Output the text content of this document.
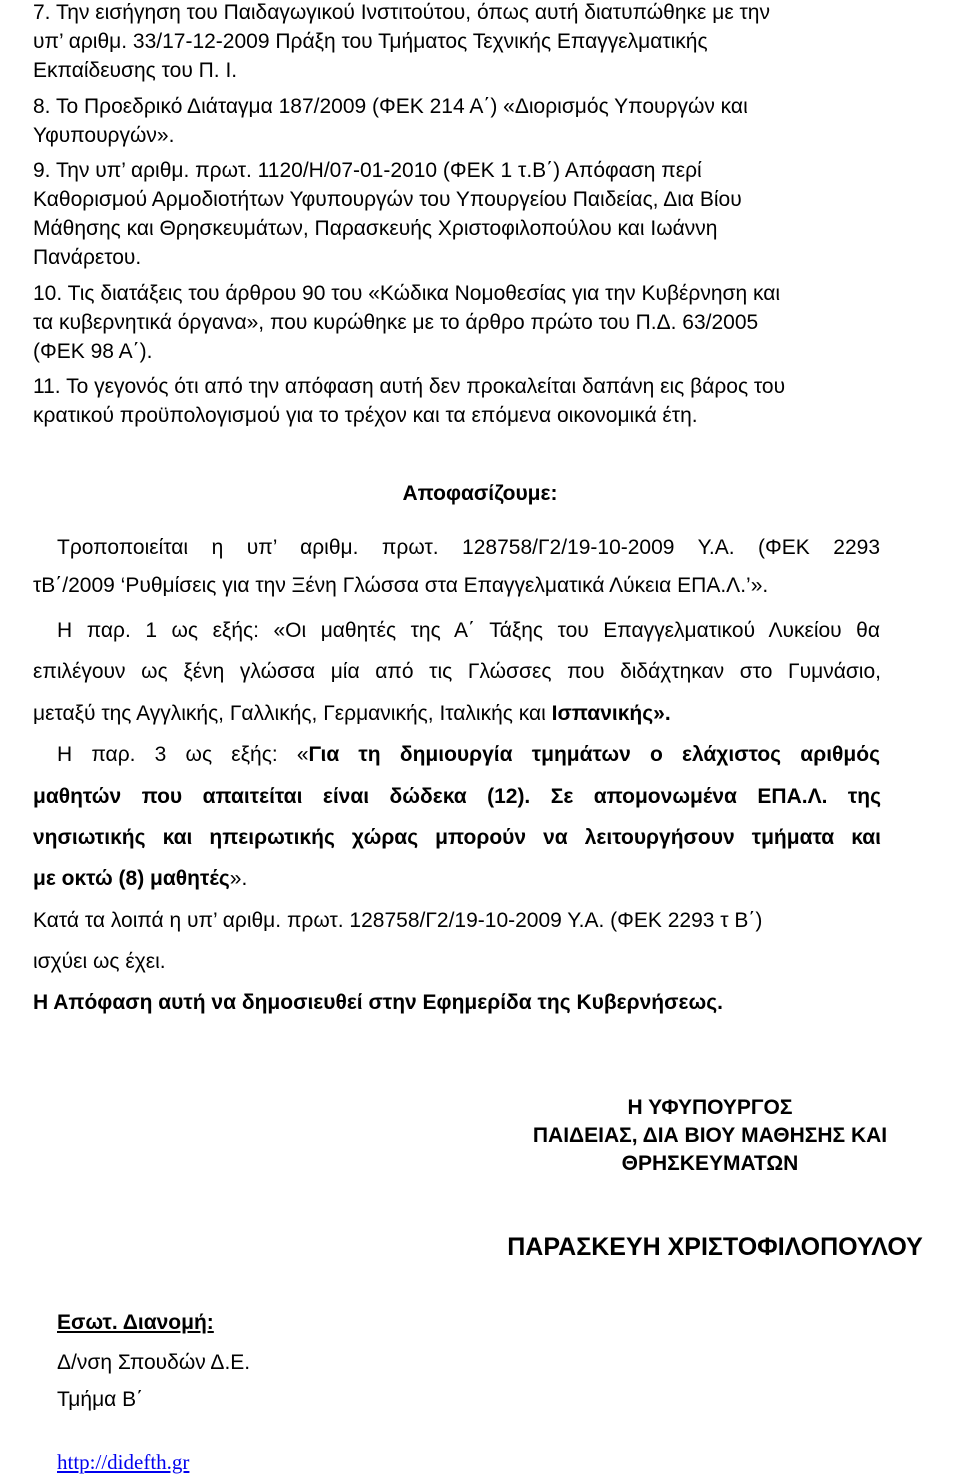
7. Την εισήγηση του Παιδαγωγικού Ινστιτούτου, όπως αυτή διατυπώθηκε με την

υπ’ αριθμ. 33/17-12-2009 Πράξη του Τμήματος Τεχνικής Επαγγελματικής

Εκπαίδευσης του Π. Ι.

8. Το Προεδρικό Διάταγμα 187/2009 (ΦΕΚ 214 Α΄) «Διορισμός Υπουργών και

Υφυπουργών».

9. Την υπ’ αριθμ. πρωτ. 1120/Η/07-01-2010 (ΦΕΚ 1 τ.Β΄) Απόφαση περί

Καθορισμού Αρμοδιοτήτων Υφυπουργών του Υπουργείου Παιδείας, Δια Βίου

Μάθησης και Θρησκευμάτων, Παρασκευής Χριστοφιλοπούλου και Ιωάννη

Πανάρετου.

10. Τις διατάξεις του άρθρου 90 του «Κώδικα Νομοθεσίας για την Κυβέρνηση και

τα κυβερνητικά όργανα», που κυρώθηκε με το άρθρο πρώτο του Π.Δ. 63/2005

(ΦΕΚ 98 Α΄).

11. Το γεγονός ότι από την απόφαση αυτή δεν προκαλείται δαπάνη εις βάρος του

κρατικού προϋπολογισμού για το τρέχον και τα επόμενα οικονομικά έτη.

Αποφασίζουμε:

Τροποποιείται η υπ’ αριθμ. πρωτ. 128758/Γ2/19-10-2009 Υ.Α. (ΦΕΚ 2293

τΒ΄/2009 ‘Ρυθμίσεις για την Ξένη Γλώσσα στα Επαγγελματικά Λύκεια ΕΠΑ.Λ.’».

Η παρ. 1 ως εξής: «Οι μαθητές της Α΄ Τάξης του Επαγγελματικού Λυκείου θα

επιλέγουν ως ξένη γλώσσα μία από τις Γλώσσες που διδάχτηκαν στο Γυμνάσιο,

μεταξύ της Αγγλικής, Γαλλικής, Γερμανικής, Ιταλικής και Ισπανικής».

Η παρ. 3 ως εξής: «Για τη δημιουργία τμημάτων ο ελάχιστος αριθμός

μαθητών που απαιτείται είναι δώδεκα (12). Σε απομονωμένα ΕΠΑ.Λ. της

νησιωτικής και ηπειρωτικής χώρας μπορούν να λειτουργήσουν τμήματα και

με οκτώ (8) μαθητές».

Κατά τα λοιπά η υπ’ αριθμ. πρωτ. 128758/Γ2/19-10-2009 Υ.Α. (ΦΕΚ 2293 τ Β΄)

ισχύει ως έχει.

Η Απόφαση αυτή να δημοσιευθεί στην Εφημερίδα της Κυβερνήσεως.

Η ΥΦΥΠΟΥΡΓΟΣ
ΠΑΙΔΕΙΑΣ, ΔΙΑ ΒΙΟΥ ΜΑΘΗΣΗΣ ΚΑΙ
ΘΡΗΣΚΕΥΜΑΤΩΝ
ΠΑΡΑΣΚΕΥΗ ΧΡΙΣΤΟΦΙΛΟΠΟΥΛΟΥ

Εσωτ. Διανομή:

Δ/νση Σπουδών Δ.Ε.

Τμήμα Β΄

http://didefth.gr
